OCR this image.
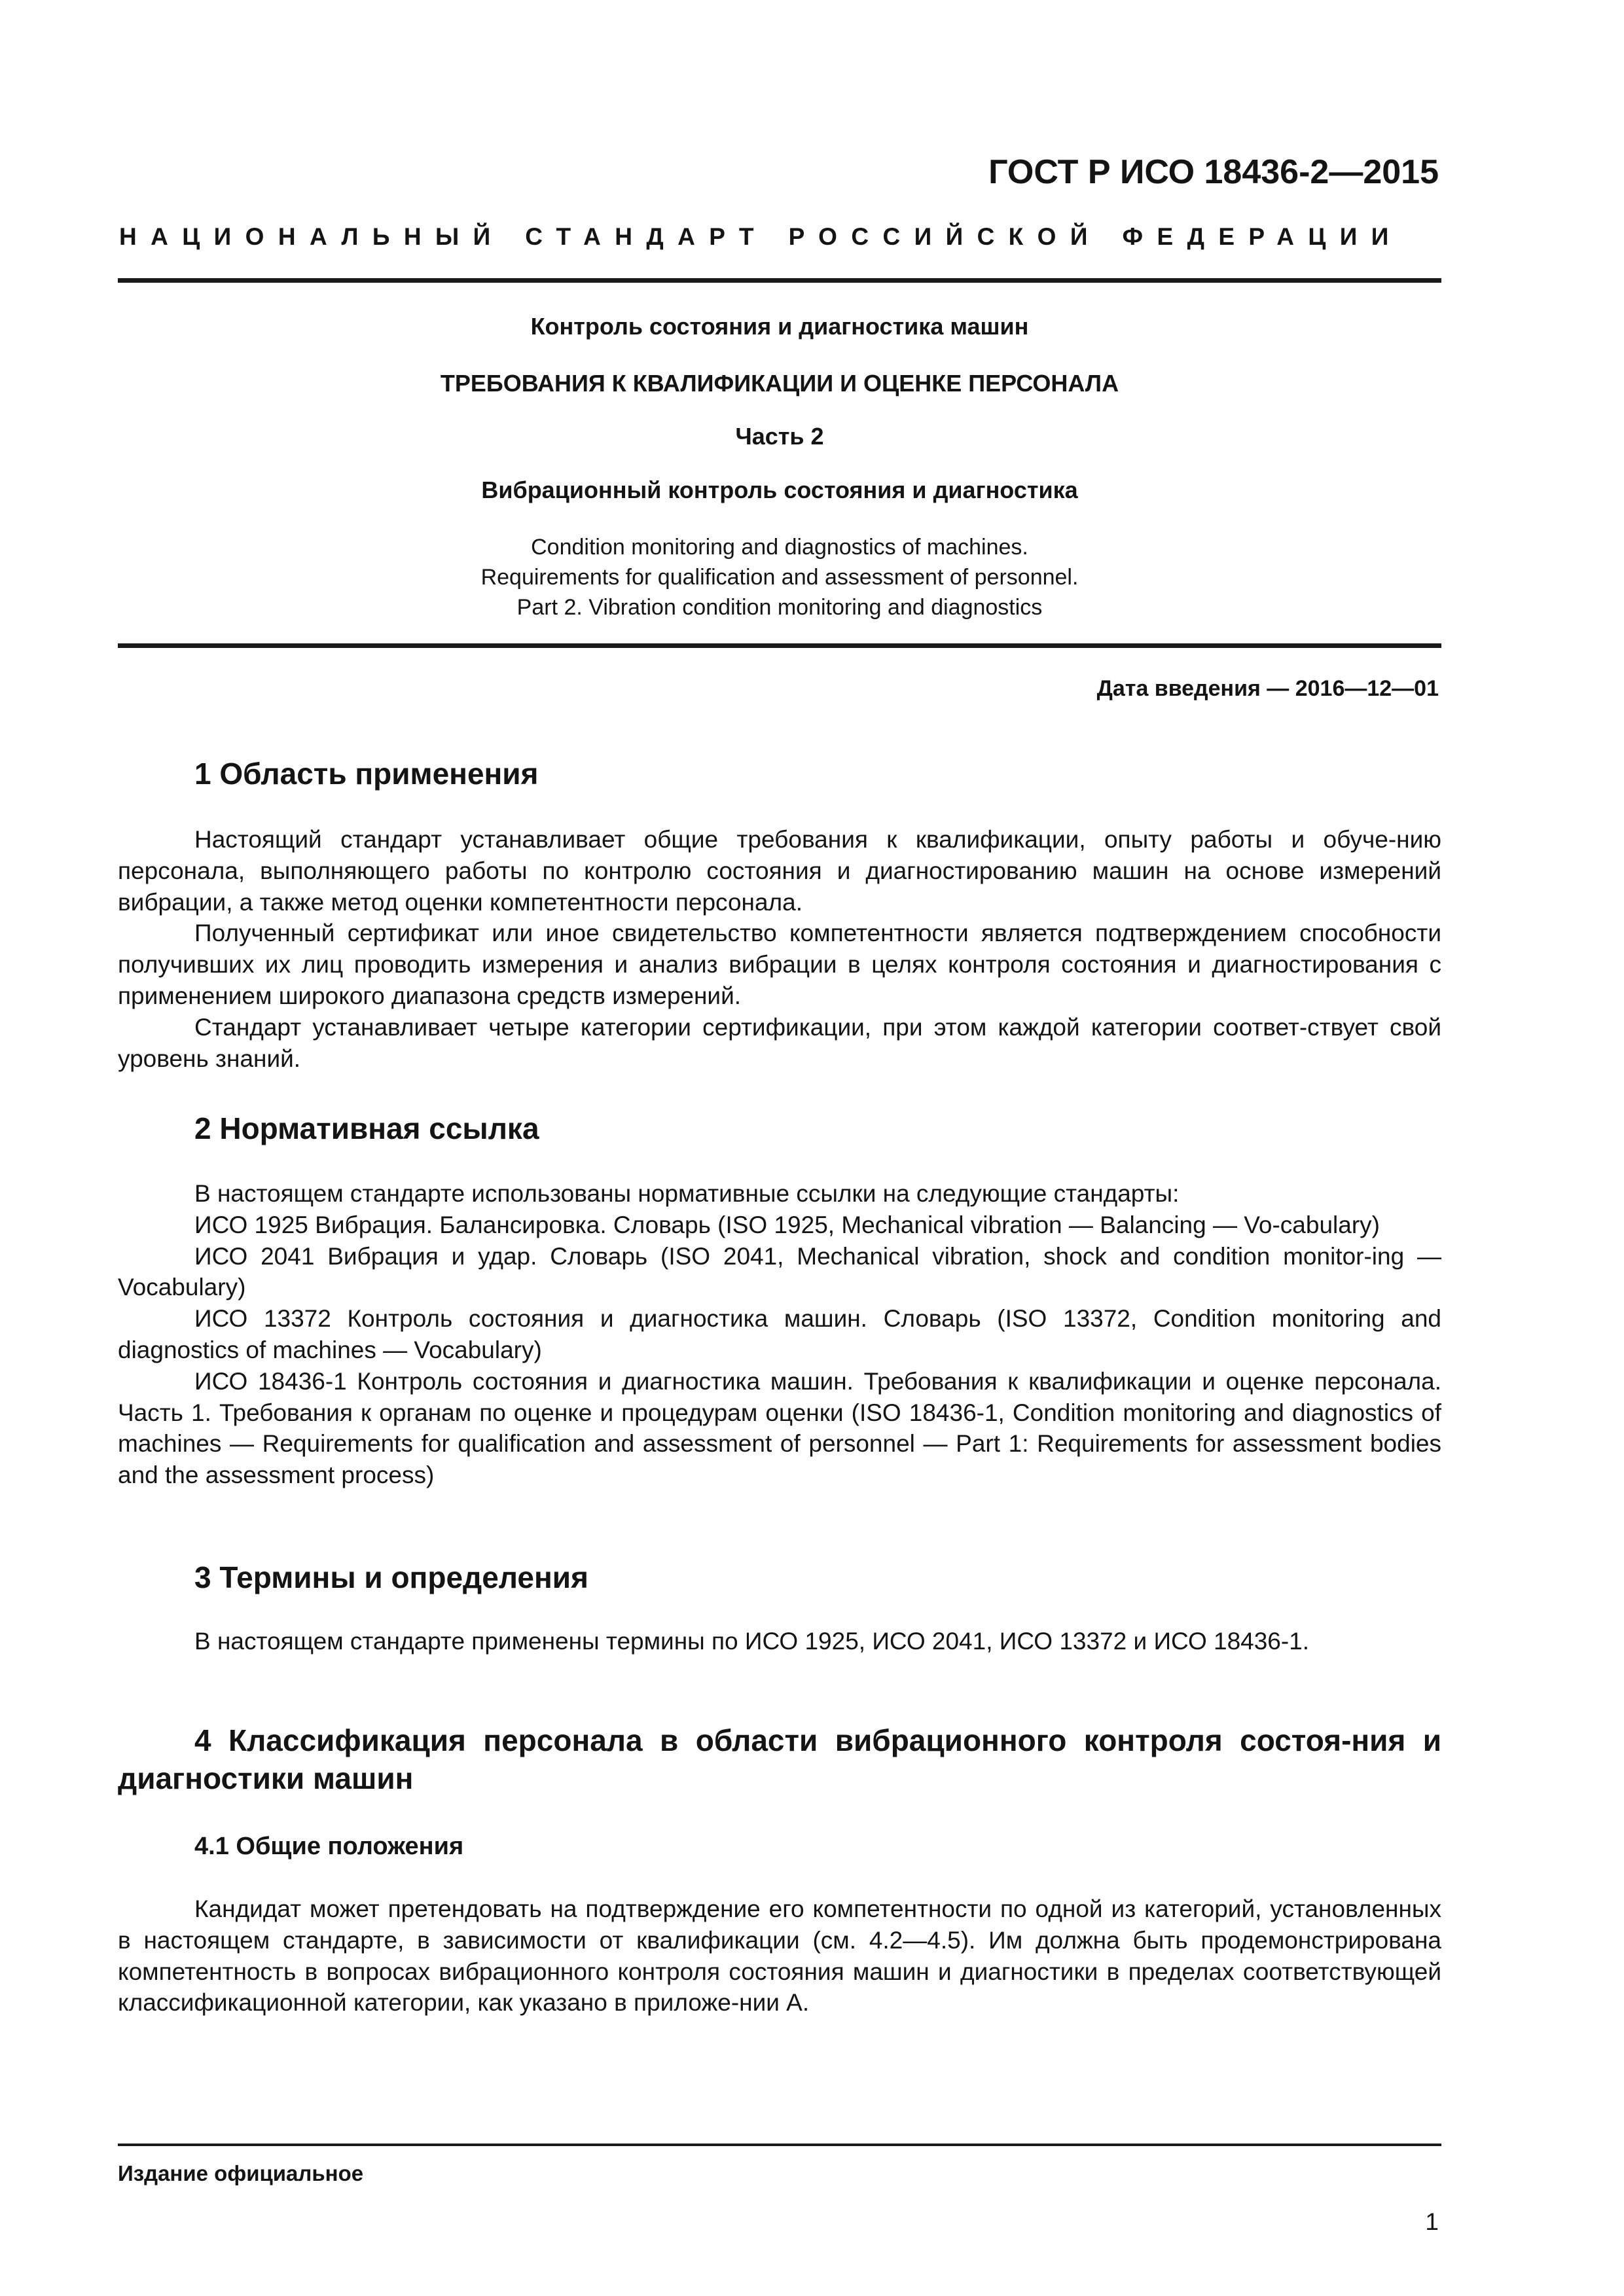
ГОСТ Р ИСО 18436-2—2015
НАЦИОНАЛЬНЫЙ СТАНДАРТ РОССИЙСКОЙ ФЕДЕРАЦИИ
Контроль состояния и диагностика машин
ТРЕБОВАНИЯ К КВАЛИФИКАЦИИ И ОЦЕНКЕ ПЕРСОНАЛА
Часть 2
Вибрационный контроль состояния и диагностика
Condition monitoring and diagnostics of machines.
Requirements for qualification and assessment of personnel.
Part 2. Vibration condition monitoring and diagnostics
Дата введения — 2016—12—01
1 Область применения

Настоящий стандарт устанавливает общие требования к квалификации, опыту работы и обуче-нию персонала, выполняющего работы по контролю состояния и диагностированию машин на основе измерений вибрации, а также метод оценки компетентности персонала.

Полученный сертификат или иное свидетельство компетентности является подтверждением способности получивших их лиц проводить измерения и анализ вибрации в целях контроля состояния и диагностирования с применением широкого диапазона средств измерений.

Стандарт устанавливает четыре категории сертификации, при этом каждой категории соответ-ствует свой уровень знаний.

2 Нормативная ссылка

В настоящем стандарте использованы нормативные ссылки на следующие стандарты:

ИСО 1925 Вибрация. Балансировка. Словарь (ISO 1925, Mechanical vibration — Balancing — Vo-cabulary)

ИСО 2041 Вибрация и удар. Словарь (ISO 2041, Mechanical vibration, shock and condition monitor-ing — Vocabulary)

ИСО 13372 Контроль состояния и диагностика машин. Словарь (ISO 13372, Condition monitoring and diagnostics of machines — Vocabulary)

ИСО 18436-1 Контроль состояния и диагностика машин. Требования к квалификации и оценке персонала. Часть 1. Требования к органам по оценке и процедурам оценки (ISO 18436-1, Condition monitoring and diagnostics of machines — Requirements for qualification and assessment of personnel — Part 1: Requirements for assessment bodies and the assessment process)

3 Термины и определения

В настоящем стандарте применены термины по ИСО 1925, ИСО 2041, ИСО 13372 и ИСО 18436-1.

4 Классификация персонала в области вибрационного контроля состоя-ния и диагностики машин
4.1 Общие положения

Кандидат может претендовать на подтверждение его компетентности по одной из категорий, установленных в настоящем стандарте, в зависимости от квалификации (см. 4.2—4.5). Им должна быть продемонстрирована компетентность в вопросах вибрационного контроля состояния машин и диагностики в пределах соответствующей классификационной категории, как указано в приложе-нии А.

Издание официальное
1
